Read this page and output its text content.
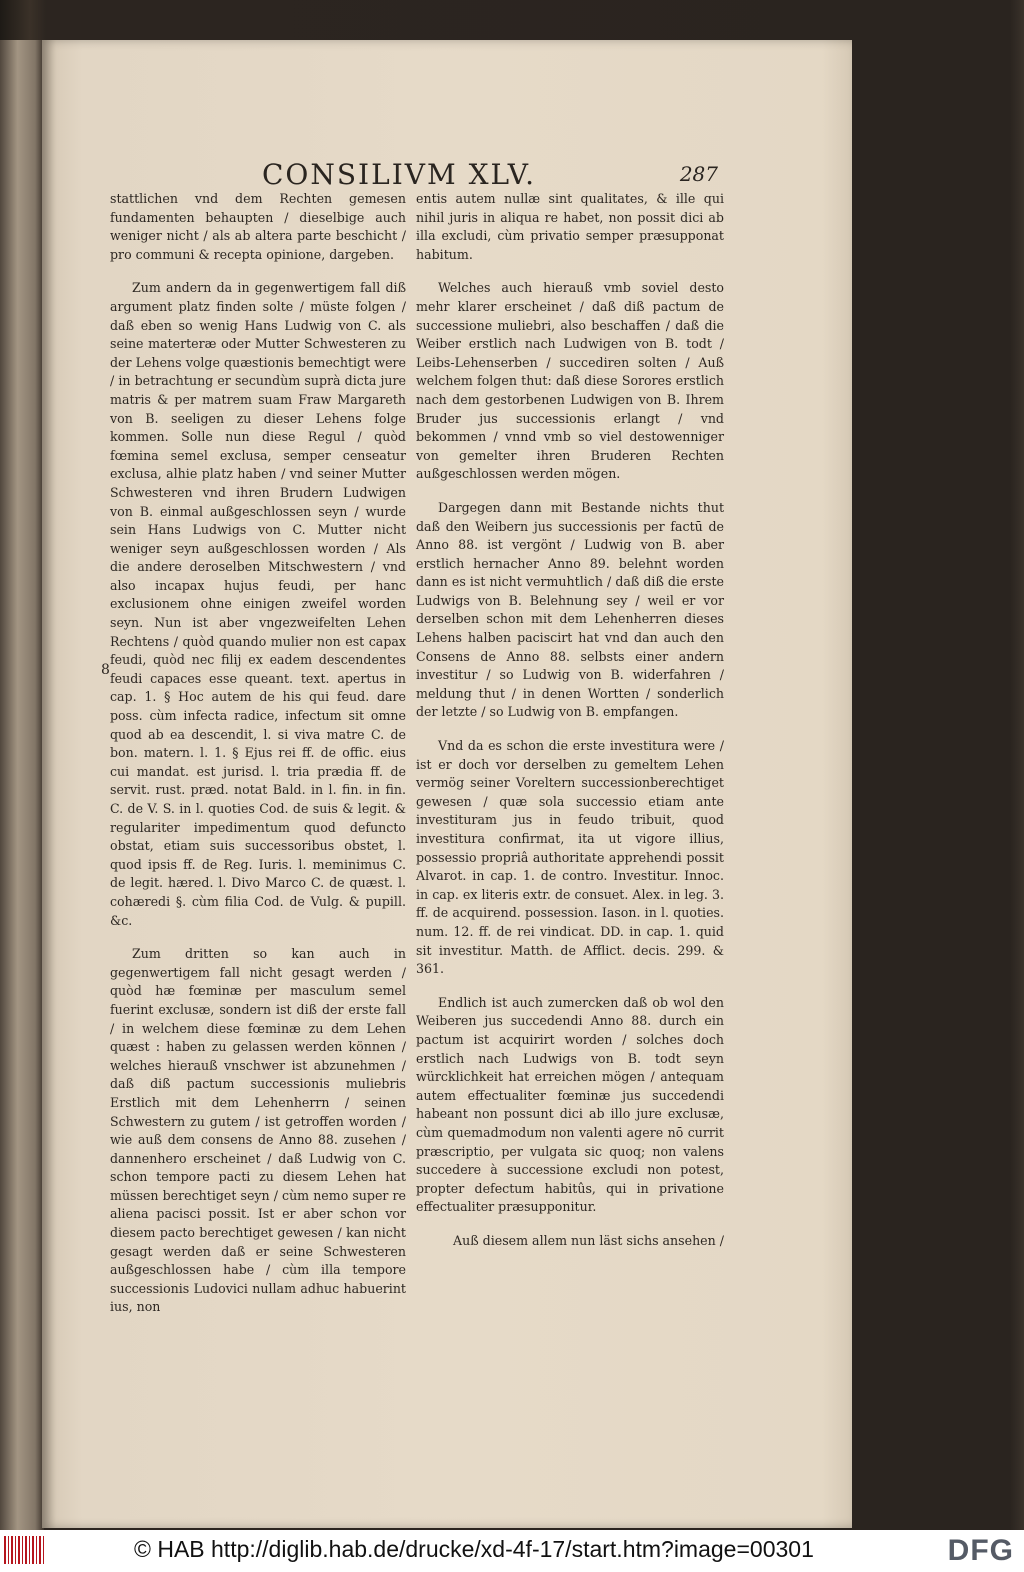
CONSILIVM XLV.	287
8

stattlichen vnd dem Rechten gemesen fundamenten behaupten / dieselbige auch weniger nicht / als ab altera parte beschicht / pro communi & recepta opinione, dargeben.

Zum andern da in gegenwertigem fall diß argument platz finden solte / müste folgen / daß eben so wenig Hans Ludwig von C. als seine materteræ oder Mutter Schwesteren zu der Lehens volge quæstionis bemechtigt were / in betrachtung er secundùm suprà dicta jure matris & per matrem suam Fraw Margareth von B. seeligen zu dieser Lehens folge kommen. Solle nun diese Regul / quòd fœmina semel exclusa, semper censeatur exclusa, alhie platz haben / vnd seiner Mutter Schwesteren vnd ihren Brudern Ludwigen von B. einmal außgeschlossen seyn / wurde sein Hans Ludwigs von C. Mutter nicht weniger seyn außgeschlossen worden / Als die andere deroselben Mitschwestern / vnd also incapax hujus feudi, per hanc exclusionem ohne einigen zweifel worden seyn. Nun ist aber vngezweifelten Lehen Rechtens / quòd quando mulier non est capax feudi, quòd nec filij ex eadem descendentes feudi capaces esse queant. text. apertus in cap. 1. § Hoc autem de his qui feud. dare poss. cùm infecta radice, infectum sit omne quod ab ea descendit, l. si viva matre C. de bon. matern. l. 1. § Ejus rei ff. de offic. eius cui mandat. est jurisd. l. tria prædia ff. de servit. rust. præd. notat Bald. in l. fin. in fin. C. de V. S. in l. quoties Cod. de suis & legit. & regulariter impedimentum quod defuncto obstat, etiam suis successoribus obstet, l. quod ipsis ff. de Reg. Iuris. l. meminimus C. de legit. hæred. l. Divo Marco C. de quæst. l. cohæredi §. cùm filia Cod. de Vulg. & pupill. &c.

Zum dritten so kan auch in gegenwertigem fall nicht gesagt werden / quòd hæ fœminæ per masculum semel fuerint exclusæ, sondern ist diß der erste fall / in welchem diese fœminæ zu dem Lehen quæst : haben zu gelassen werden können / welches hierauß vnschwer ist abzunehmen / daß diß pactum successionis muliebris Erstlich mit dem Lehenherrn / seinen Schwestern zu gutem / ist getroffen worden / wie auß dem consens de Anno 88. zusehen / dannenhero erscheinet / daß Ludwig von C. schon tempore pacti zu diesem Lehen hat müssen berechtiget seyn / cùm nemo super re aliena pacisci possit. Ist er aber schon vor diesem pacto berechtiget gewesen / kan nicht gesagt werden daß er seine Schwesteren außgeschlossen habe / cùm illa tempore successionis Ludovici nullam adhuc habuerint ius, non

entis autem nullæ sint qualitates, & ille qui nihil juris in aliqua re habet, non possit dici ab illa excludi, cùm privatio semper præsupponat habitum.

Welches auch hierauß vmb soviel desto mehr klarer erscheinet / daß diß pactum de successione muliebri, also beschaffen / daß die Weiber erstlich nach Ludwigen von B. todt / Leibs-Lehenserben / succediren solten / Auß welchem folgen thut: daß diese Sorores erstlich nach dem gestorbenen Ludwigen von B. Ihrem Bruder jus successionis erlangt / vnd bekommen / vnnd vmb so viel destowenniger von gemelter ihren Bruderen Rechten außgeschlossen werden mögen.

Dargegen dann mit Bestande nichts thut daß den Weibern jus successionis per factū de Anno 88. ist vergönt / Ludwig von B. aber erstlich hernacher Anno 89. belehnt worden dann es ist nicht vermuhtlich / daß diß die erste Ludwigs von B. Belehnung sey / weil er vor derselben schon mit dem Lehenherren dieses Lehens halben paciscirt hat vnd dan auch den Consens de Anno 88. selbsts einer andern investitur / so Ludwig von B. widerfahren / meldung thut / in denen Wortten / sonderlich der letzte / so Ludwig von B. empfangen.

Vnd da es schon die erste investitura were / ist er doch vor derselben zu gemeltem Lehen vermög seiner Voreltern successionberechtiget gewesen / quæ sola successio etiam ante investituram jus in feudo tribuit, quod investitura confirmat, ita ut vigore illius, possessio propriâ authoritate apprehendi possit Alvarot. in cap. 1. de contro. Investitur. Innoc. in cap. ex literis extr. de consuet. Alex. in leg. 3. ff. de acquirend. possession. Iason. in l. quoties. num. 12. ff. de rei vindicat. DD. in cap. 1. quid sit investitur. Matth. de Afflict. decis. 299. & 361.

Endlich ist auch zumercken daß ob wol den Weiberen jus succedendi Anno 88. durch ein pactum ist acquirirt worden / solches doch erstlich nach Ludwigs von B. todt seyn würcklichkeit hat erreichen mögen / antequam autem effectualiter fœminæ jus succedendi habeant non possunt dici ab illo jure exclusæ, cùm quemadmodum non valenti agere nō currit præscriptio, per vulgata sic quoq; non valens succedere à successione excludi non potest, propter defectum habitûs, qui in privatione effectualiter præsupponitur.

Auß diesem allem nun läst sichs ansehen /

© HAB http://diglib.hab.de/drucke/xd-4f-17/start.htm?image=00301	DFG
